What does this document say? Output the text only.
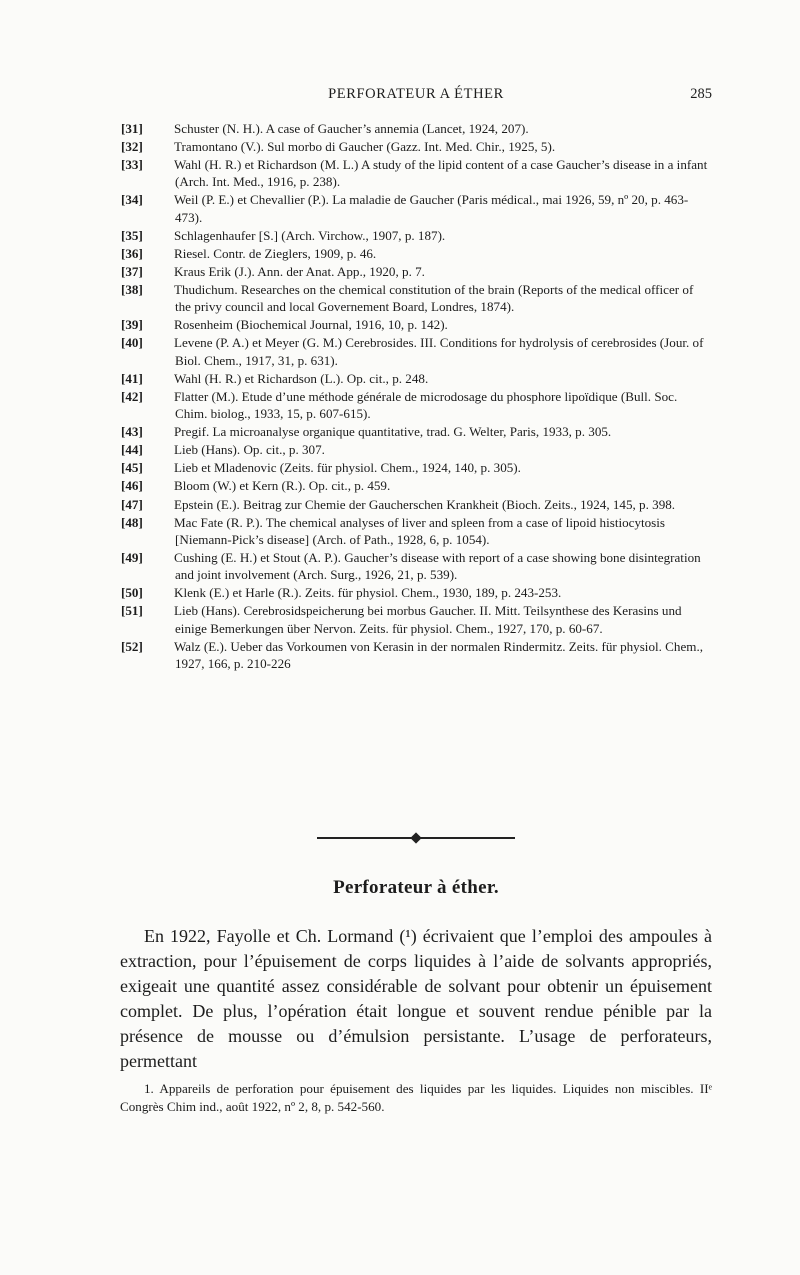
PERFORATEUR A ÉTHER	285
[31] Schuster (N. H.). A case of Gaucher’s annemia (Lancet, 1924, 207).
[32] Tramontano (V.). Sul morbo di Gaucher (Gazz. Int. Med. Chir., 1925, 5).
[33] Wahl (H. R.) et Richardson (M. L.) A study of the lipid content of a case Gaucher’s disease in a infant (Arch. Int. Med., 1916, p. 238).
[34] Weil (P. E.) et Chevallier (P.). La maladie de Gaucher (Paris médical., mai 1926, 59, nº 20, p. 463-473).
[35] Schlagenhaufer [S.] (Arch. Virchow., 1907, p. 187).
[36] Riesel. Contr. de Zieglers, 1909, p. 46.
[37] Kraus Erik (J.). Ann. der Anat. App., 1920, p. 7.
[38] Thudichum. Researches on the chemical constitution of the brain (Reports of the medical officer of the privy council and local Governement Board, Londres, 1874).
[39] Rosenheim (Biochemical Journal, 1916, 10, p. 142).
[40] Levene (P. A.) et Meyer (G. M.) Cerebrosides. III. Conditions for hydrolysis of cerebrosides (Jour. of Biol. Chem., 1917, 31, p. 631).
[41] Wahl (H. R.) et Richardson (L.). Op. cit., p. 248.
[42] Flatter (M.). Etude d’une méthode générale de microdosage du phosphore lipoïdique (Bull. Soc. Chim. biolog., 1933, 15, p. 607-615).
[43] Pregif. La microanalyse organique quantitative, trad. G. Welter, Paris, 1933, p. 305.
[44] Lieb (Hans). Op. cit., p. 307.
[45] Lieb et Mladenovic (Zeits. für physiol. Chem., 1924, 140, p. 305).
[46] Bloom (W.) et Kern (R.). Op. cit., p. 459.
[47] Epstein (E.). Beitrag zur Chemie der Gaucherschen Krankheit (Bioch. Zeits., 1924, 145, p. 398.
[48] Mac Fate (R. P.). The chemical analyses of liver and spleen from a case of lipoid histiocytosis [Niemann-Pick’s disease] (Arch. of Path., 1928, 6, p. 1054).
[49] Cushing (E. H.) et Stout (A. P.). Gaucher’s disease with report of a case showing bone disintegration and joint involvement (Arch. Surg., 1926, 21, p. 539).
[50] Klenk (E.) et Harle (R.). Zeits. für physiol. Chem., 1930, 189, p. 243-253.
[51] Lieb (Hans). Cerebrosidspeicherung bei morbus Gaucher. II. Mitt. Teilsynthese des Kerasins und einige Bemerkungen über Nervon. Zeits. für physiol. Chem., 1927, 170, p. 60-67.
[52] Walz (E.). Ueber das Vorkoumen von Kerasin in der normalen Rindermitz. Zeits. für physiol. Chem., 1927, 166, p. 210-226
Perforateur à éther.
En 1922, Fayolle et Ch. Lormand (¹) écrivaient que l’emploi des ampoules à extraction, pour l’épuisement de corps liquides à l’aide de solvants appropriés, exigeait une quantité assez considérable de solvant pour obtenir un épuisement complet. De plus, l’opération était longue et souvent rendue pénible par la présence de mousse ou d’émulsion persistante. L’usage de perforateurs, permettant
1. Appareils de perforation pour épuisement des liquides par les liquides. Liquides non miscibles. IIᵉ Congrès Chim ind., août 1922, nº 2, 8, p. 542-560.
